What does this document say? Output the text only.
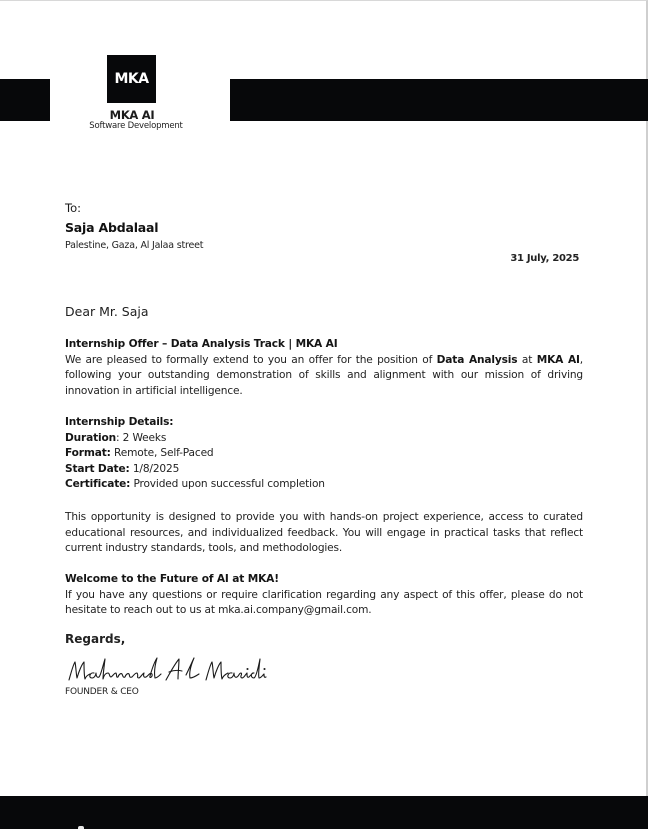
MKA
MKA AI
Software Development
To:
Saja Abdalaal
Palestine, Gaza, Al Jalaa street
31 July, 2025
Dear Mr. Saja
Internship Offer – Data Analysis Track | MKA AI
We are pleased to formally extend to you an offer for the position of Data Analysis at MKA AI, following your outstanding demonstration of skills and alignment with our mission of driving innovation in artificial intelligence.
Internship Details:
Duration: 2 Weeks
Format: Remote, Self-Paced
Start Date: 1/8/2025
Certificate: Provided upon successful completion
This opportunity is designed to provide you with hands-on project experience, access to curated educational resources, and individualized feedback. You will engage in practical tasks that reflect current industry standards, tools, and methodologies.
Welcome to the Future of AI at MKA!
If you have any questions or require clarification regarding any aspect of this offer, please do not hesitate to reach out to us at mka.ai.company@gmail.com.
Regards,
FOUNDER & CEO
